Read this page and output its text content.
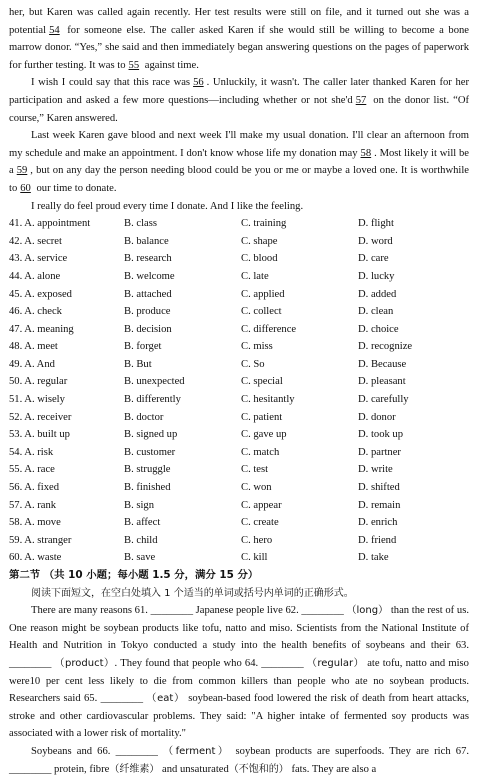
her, but Karen was called again recently. Her test results were still on file, and it turned out she was a potential 54 for someone else. The caller asked Karen if she would still be willing to become a bone marrow donor. “Yes,” she said and then immediately began answering questions on the pages of paperwork for further testing. It was to 55 against time.

I wish I could say that this race was 56 . Unluckily, it wasn't. The caller later thanked Karen for her participation and asked a few more questions—including whether or not she'd 57 on the donor list. “Of course,” Karen answered.

Last week Karen gave blood and next week I'll make my usual donation. I'll clear an afternoon from my schedule and make an appointment. I don't know whose life my donation may 58 . Most likely it will be a 59 , but on any day the person needing blood could be you or me or maybe a loved one. It is worthwhile to 60 our time to donate.

I really do feel proud every time I donate. And I like the feeling.

41. A. appointment	B. class	C. training	D. flight
42. A. secret	B. balance	C. shape	D. word
43. A. service	B. research	C. blood	D. care
44. A. alone	B. welcome	C. late	D. lucky
45. A. exposed	B. attached	C. applied	D. added
46. A. check	B. produce	C. collect	D. clean
47. A. meaning	B. decision	C. difference	D. choice
48. A. meet	B. forget	C. miss	D. recognize
49. A. And	B. But	C. So	D. Because
50. A. regular	B. unexpected	C. special	D. pleasant
51. A. wisely	B. differently	C. hesitantly	D. carefully
52. A. receiver	B. doctor	C. patient	D. donor
53. A. built up	B. signed up	C. gave up	D. took up
54. A. risk	B. customer	C. match	D. partner
55. A. race	B. struggle	C. test	D. write
56. A. fixed	B. finished	C. won	D. shifted
57. A. rank	B. sign	C. appear	D. remain
58. A. move	B. affect	C. create	D. enrich
59. A. stranger	B. child	C. hero	D. friend
60. A. waste	B. save	C. kill	D. take

第二节 （共 10 小题；每小题 1.5 分，满分 15 分）

阅读下面短文，在空白处填入 1 个适当的单词或括号内单词的正确形式。

There are many reasons 61. ________ Japanese people live 62. ________ （long） than the rest of us. One reason might be soybean products like tofu, natto and miso. Scientists from the National Institute of Health and Nutrition in Tokyo conducted a study into the health benefits of soybeans and their 63. ________ （product）. They found that people who 64. ________ （regular） ate tofu, natto and miso were10 per cent less likely to die from common killers than people who ate no soybean products. Researchers said 65. ________ （eat） soybean-based food lowered the risk of death from heart attacks, stroke and other cardiovascular problems. They said: "A higher intake of fermented soy products was associated with a lower risk of mortality."

Soybeans and 66. ________ （ferment） soybean products are superfoods. They are rich 67. ________ protein, fibre（纤维素） and unsaturated（不饱和的） fats. They are also a
